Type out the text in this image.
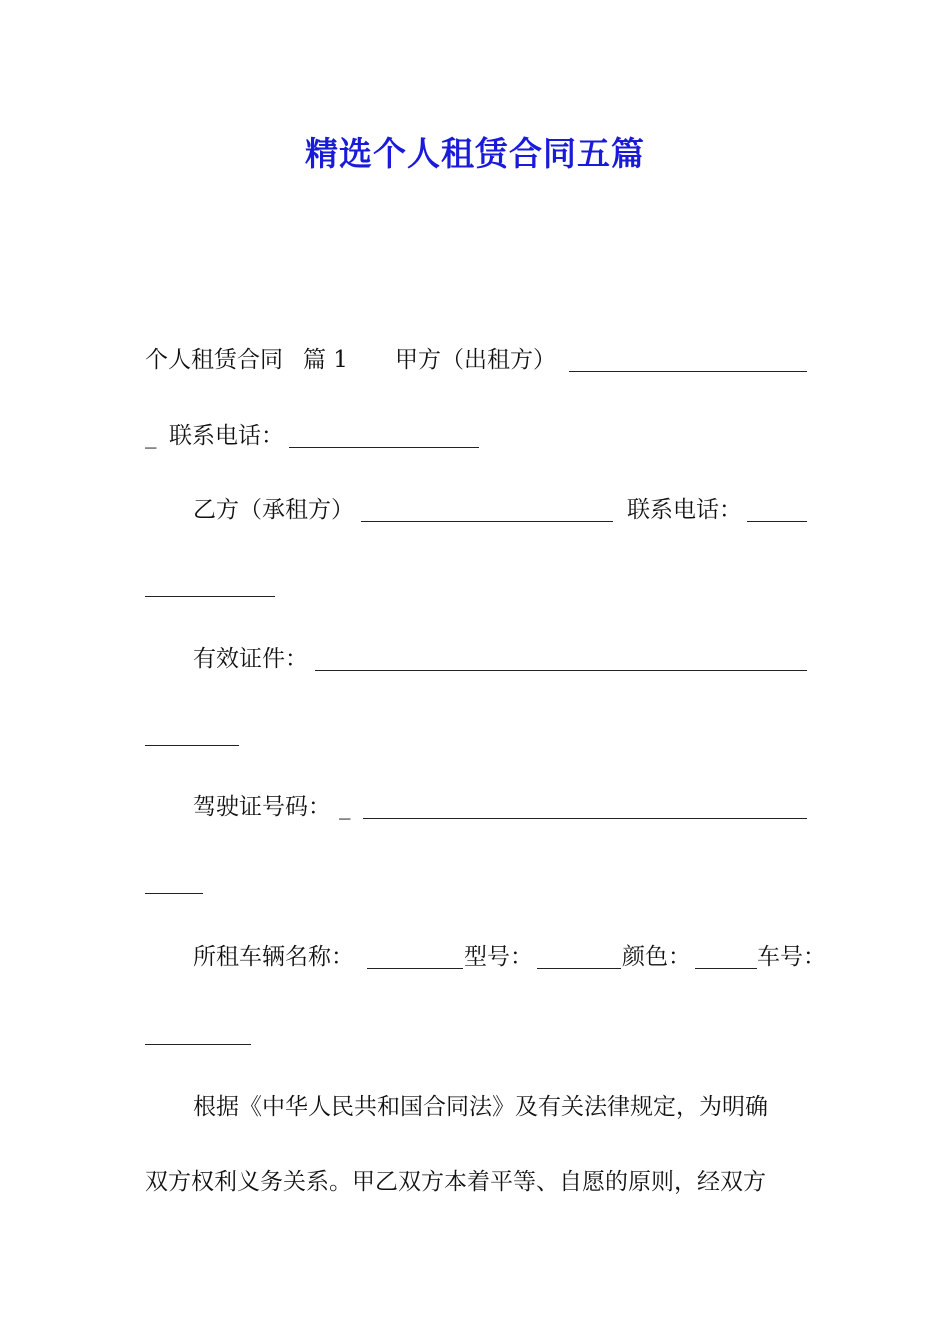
精选个人租赁合同五篇
个人租赁合同 篇 1 甲方（出租方）
_ 联系电话：
乙方（承租方）	联系电话：
有效证件：
驾驶证号码： _
所租车辆名称：	型号：	颜色：	车号：
根据《中华人民共和国合同法》及有关法律规定，为明确
双方权利义务关系。甲乙双方本着平等、自愿的原则，经双方
